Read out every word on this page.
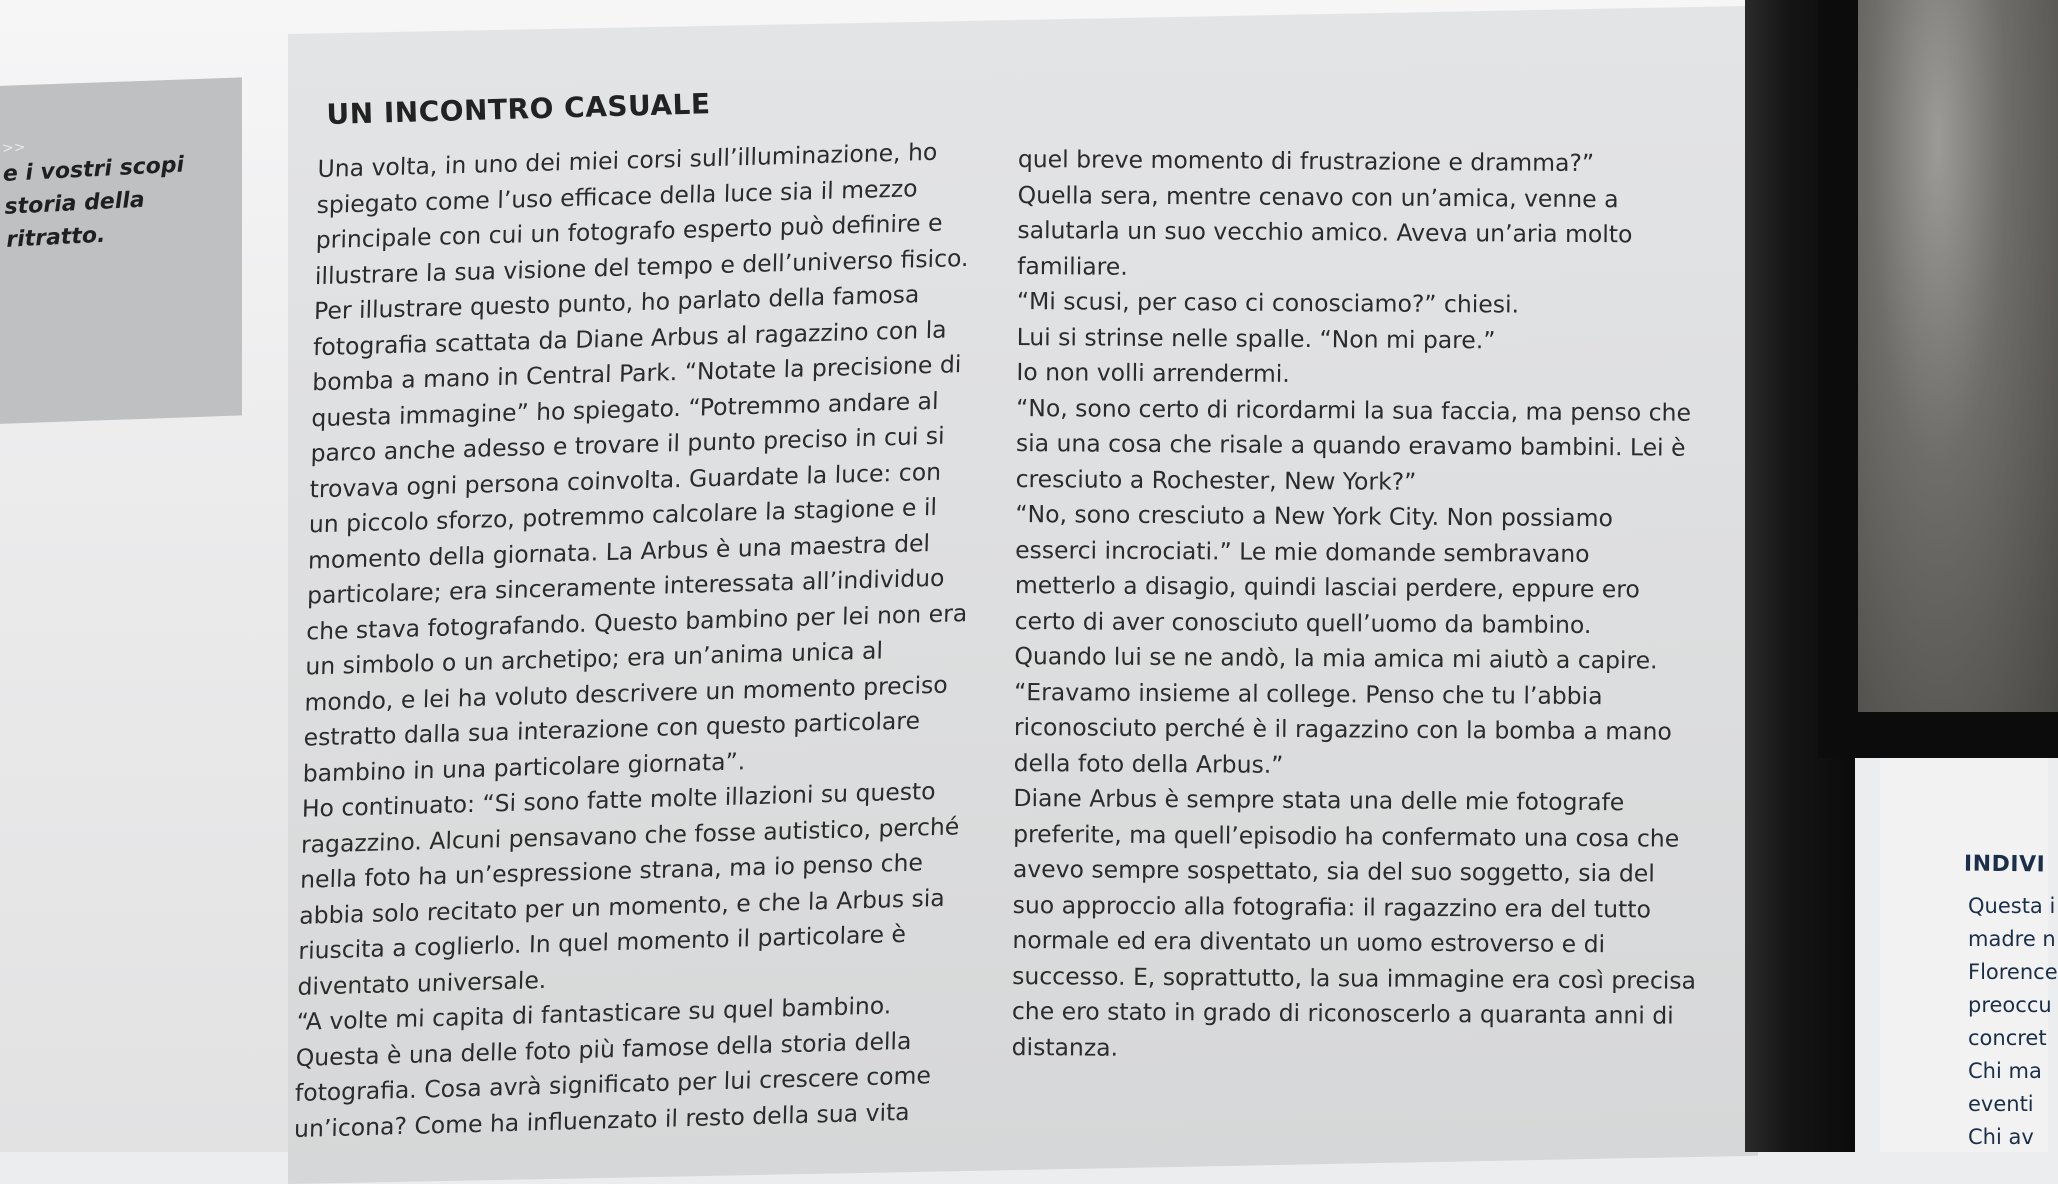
>>
e i vostri scopi
storia della
ritratto.
UN INCONTRO CASUALE
Una volta, in uno dei miei corsi sull’illuminazione, ho
spiegato come l’uso efficace della luce sia il mezzo
principale con cui un fotografo esperto può definire e
illustrare la sua visione del tempo e dell’universo fisico.
Per illustrare questo punto, ho parlato della famosa
fotografia scattata da Diane Arbus al ragazzino con la
bomba a mano in Central Park. “Notate la precisione di
questa immagine” ho spiegato. “Potremmo andare al
parco anche adesso e trovare il punto preciso in cui si
trovava ogni persona coinvolta. Guardate la luce: con
un piccolo sforzo, potremmo calcolare la stagione e il
momento della giornata. La Arbus è una maestra del
particolare; era sinceramente interessata all’individuo
che stava fotografando. Questo bambino per lei non era
un simbolo o un archetipo; era un’anima unica al
mondo, e lei ha voluto descrivere un momento preciso
estratto dalla sua interazione con questo particolare
bambino in una particolare giornata”.
Ho continuato: “Si sono fatte molte illazioni su questo
ragazzino. Alcuni pensavano che fosse autistico, perché
nella foto ha un’espressione strana, ma io penso che
abbia solo recitato per un momento, e che la Arbus sia
riuscita a coglierlo. In quel momento il particolare è
diventato universale.
“A volte mi capita di fantasticare su quel bambino.
Questa è una delle foto più famose della storia della
fotografia. Cosa avrà significato per lui crescere come
un’icona? Come ha influenzato il resto della sua vita
quel breve momento di frustrazione e dramma?”
Quella sera, mentre cenavo con un’amica, venne a
salutarla un suo vecchio amico. Aveva un’aria molto
familiare.
“Mi scusi, per caso ci conosciamo?” chiesi.
Lui si strinse nelle spalle. “Non mi pare.”
Io non volli arrendermi.
“No, sono certo di ricordarmi la sua faccia, ma penso che
sia una cosa che risale a quando eravamo bambini. Lei è
cresciuto a Rochester, New York?”
“No, sono cresciuto a New York City. Non possiamo
esserci incrociati.” Le mie domande sembravano
metterlo a disagio, quindi lasciai perdere, eppure ero
certo di aver conosciuto quell’uomo da bambino.
Quando lui se ne andò, la mia amica mi aiutò a capire.
“Eravamo insieme al college. Penso che tu l’abbia
riconosciuto perché è il ragazzino con la bomba a mano
della foto della Arbus.”
Diane Arbus è sempre stata una delle mie fotografe
preferite, ma quell’episodio ha confermato una cosa che
avevo sempre sospettato, sia del suo soggetto, sia del
suo approccio alla fotografia: il ragazzino era del tutto
normale ed era diventato un uomo estroverso e di
successo. E, soprattutto, la sua immagine era così precisa
che ero stato in grado di riconoscerlo a quaranta anni di
distanza.
INDIVI
Questa i
madre n
Florence
preoccu
concret
Chi ma
eventi
Chi av
